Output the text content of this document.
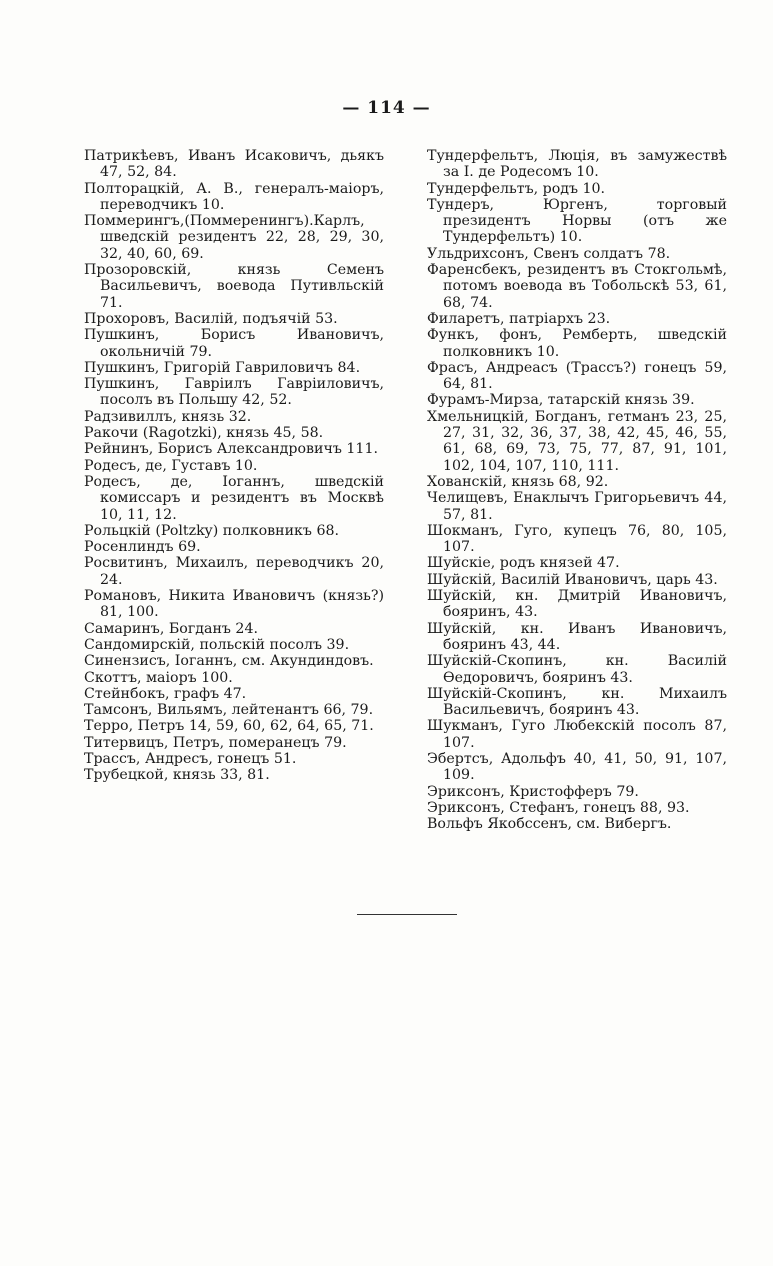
— 114 —

Патрикѣевъ, Иванъ Исаковичъ, дьякъ 47, 52, 84.

Полторацкій, А. В., генералъ-маіоръ, переводчикъ 10.

Поммерингъ,(Поммеренингъ).Карлъ, шведскій резидентъ 22, 28, 29, 30, 32, 40, 60, 69.

Прозоровскій, князь Семенъ Васильевичъ, воевода Путивльскій 71.

Прохоровъ, Василій, подъячій 53.

Пушкинъ, Борисъ Ивановичъ, окольничій 79.

Пушкинъ, Григорій Гавриловичъ 84.

Пушкинъ, Гавріилъ Гавріиловичъ, посолъ въ Польшу 42, 52.

Радзивиллъ, князь 32.

Ракочи (Ragotzki), князь 45, 58.

Рейнинъ, Борисъ Александровичъ 111.

Родесъ, де, Густавъ 10.

Родесъ, де, Іоганнъ, шведскій комиссаръ и резидентъ въ Москвѣ 10, 11, 12.

Рольцкій (Poltzky) полковникъ 68.

Росенлиндъ 69.

Росвитинъ, Михаилъ, переводчикъ 20, 24.

Романовъ, Никита Ивановичъ (князь?) 81, 100.

Самаринъ, Богданъ 24.

Сандомирскій, польскій посолъ 39.

Синензисъ, Іоганнъ, см. Акундиндовъ.

Скоттъ, маіоръ 100.

Стейнбокъ, графъ 47.

Тамсонъ, Вильямъ, лейтенантъ 66, 79.

Терро, Петръ 14, 59, 60, 62, 64, 65, 71.

Титервицъ, Петръ, померанецъ 79.

Трассъ, Андресъ, гонецъ 51.

Трубецкой, князь 33, 81.

Тундерфельтъ, Люція, въ замужествѣ за І. де Родесомъ 10.

Тундерфельтъ, родъ 10.

Тундеръ, Юргенъ, торговый президентъ Норвы (отъ же Тундерфельтъ) 10.

Ульдрихсонъ, Свенъ солдатъ 78.

Фаренсбекъ, резидентъ въ Стокгольмѣ, потомъ воевода въ Тобольскѣ 53, 61, 68, 74.

Филаретъ, патріархъ 23.

Функъ, фонъ, Ремберть, шведскій полковникъ 10.

Фрасъ, Андреасъ (Трассъ?) гонецъ 59, 64, 81.

Фурамъ-Мирза, татарскій князь 39.

Хмельницкій, Богданъ, гетманъ 23, 25, 27, 31, 32, 36, 37, 38, 42, 45, 46, 55, 61, 68, 69, 73, 75, 77, 87, 91, 101, 102, 104, 107, 110, 111.

Хованскій, князь 68, 92.

Челищевъ, Енаклычъ Григорьевичъ 44, 57, 81.

Шокманъ, Гуго, купецъ 76, 80, 105, 107.

Шуйскіе, родъ князей 47.

Шуйскій, Василій Ивановичъ, царь 43.

Шуйскій, кн. Дмитрій Ивановичъ, бояринъ, 43.

Шуйскій, кн. Иванъ Ивановичъ, бояринъ 43, 44.

Шуйскій-Скопинъ, кн. Василій Ѳедоровичъ, бояринъ 43.

Шуйскій-Скопинъ, кн. Михаилъ Васильевичъ, бояринъ 43.

Шукманъ, Гуго Любекскій посолъ 87, 107.

Эбертсъ, Адольфъ 40, 41, 50, 91, 107, 109.

Эриксонъ, Кристофферъ 79.

Эриксонъ, Стефанъ, гонецъ 88, 93.

Вольфъ Якобссенъ, см. Вибергъ.
